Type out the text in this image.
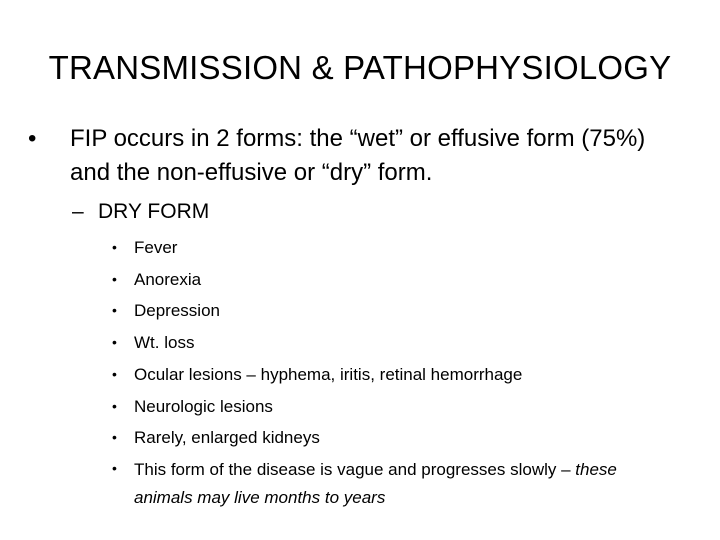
TRANSMISSION & PATHOPHYSIOLOGY
• FIP occurs in 2 forms: the “wet” or effusive form (75%) and the non-effusive or “dry” form.
– DRY FORM
• Fever
• Anorexia
• Depression
• Wt. loss
• Ocular lesions – hyphema, iritis, retinal hemorrhage
• Neurologic lesions
• Rarely, enlarged kidneys
• This form of the disease is vague and progresses slowly – these animals may live months to years
